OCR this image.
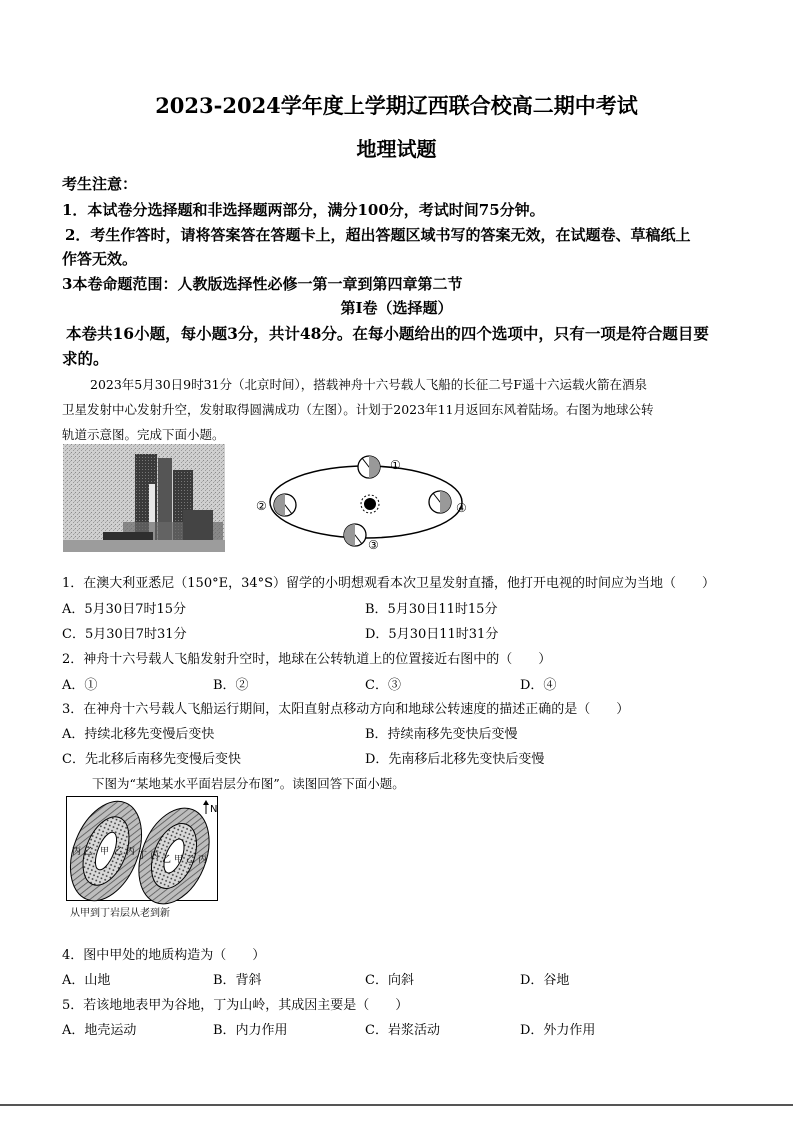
2023-2024学年度上学期辽西联合校高二期中考试
地理试题
考生注意：
1．本试卷分选择题和非选择题两部分，满分100分，考试时间75分钟。
2．考生作答时，请将答案答在答题卡上，超出答题区域书写的答案无效，在试题卷、草稿纸上
作答无效。
3本卷命题范围：人教版选择性必修一第一章到第四章第二节
第Ⅰ卷（选择题）
本卷共16小题，每小题3分，共计48分。在每小题给出的四个选项中，只有一项是符合题目要
求的。
2023年5月30日9时31分（北京时间），搭载神舟十六号载人飞船的长征二号F遥十六运载火箭在酒泉
卫星发射中心发射升空，发射取得圆满成功（左图）。计划于2023年11月返回东风着陆场。右图为地球公转
轨道示意图。完成下面小题。
①
②
③
④
1．在澳大利亚悉尼（150°E，34°S）留学的小明想观看本次卫星发射直播，他打开电视的时间应为当地（　　）
A．5月30日7时15分	B．5月30日11时15分
C．5月30日7时31分	D．5月30日11时31分
2．神舟十六号载人飞船发射升空时，地球在公转轨道上的位置接近右图中的（　　）
A．①	B．②	C．③	D．④
3．在神舟十六号载人飞船运行期间，太阳直射点移动方向和地球公转速度的描述正确的是（　　）
A．持续北移先变慢后变快	B．持续南移先变快后变慢
C．先北移后南移先变慢后变快	D．先南移后北移先变快后变慢
下图为“某地某水平面岩层分布图”。读图回答下面小题。
丙 乙 甲 乙 丙 丁 丙 乙 甲 乙 丙
N
从甲到丁岩层从老到新
4．图中甲处的地质构造为（　　）
A．山地	B．背斜	C．向斜	D．谷地
5．若该地地表甲为谷地，丁为山岭，其成因主要是（　　）
A．地壳运动	B．内力作用	C．岩浆活动	D．外力作用
